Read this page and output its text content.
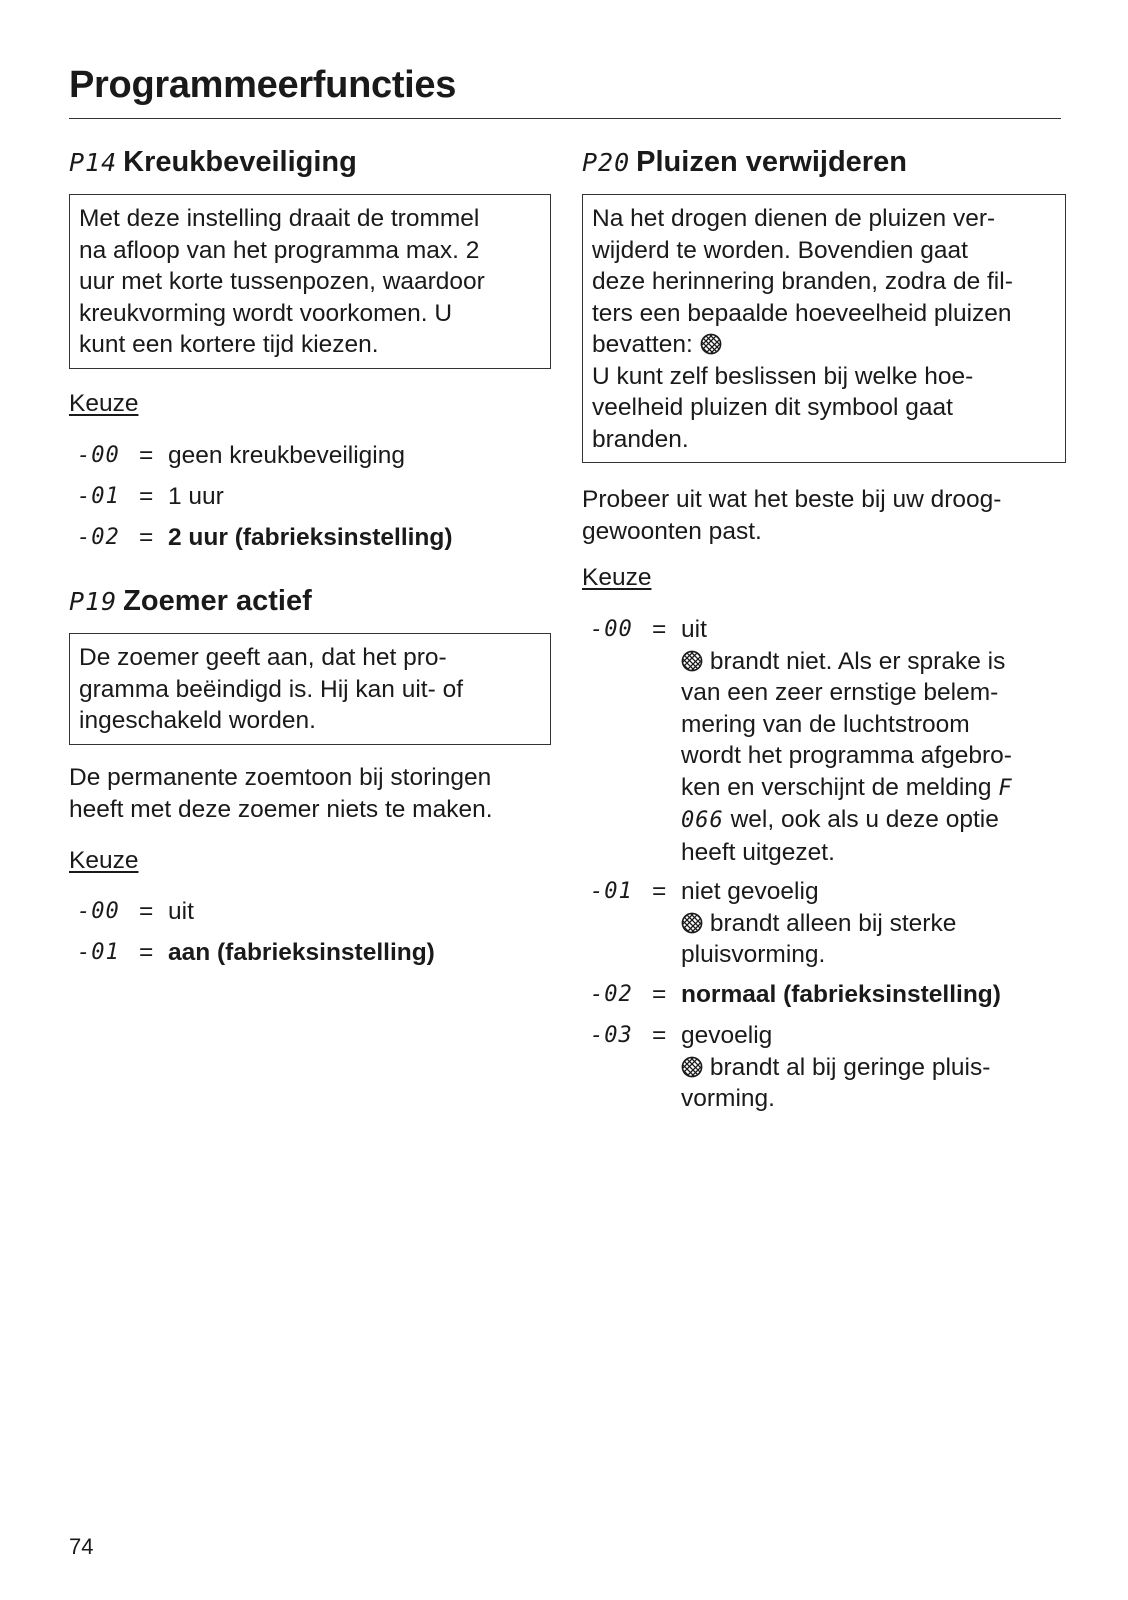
Programmeerfuncties
P14 Kreukbeveiliging
Met deze instelling draait de trommel
na afloop van het programma max. 2
uur met korte tussenpozen, waardoor
kreukvorming wordt voorkomen. U
kunt een kortere tijd kiezen.
Keuze
-00 = geen kreukbeveiliging
-01 = 1 uur
-02 = 2 uur (fabrieksinstelling)
P19 Zoemer actief
De zoemer geeft aan, dat het pro-
gramma beëindigd is. Hij kan uit- of
ingeschakeld worden.
De permanente zoemtoon bij storingen
heeft met deze zoemer niets te maken.
Keuze
-00 = uit
-01 = aan (fabrieksinstelling)
P20 Pluizen verwijderen
Na het drogen dienen de pluizen ver-
wijderd te worden. Bovendien gaat
deze herinnering branden, zodra de fil-
ters een bepaalde hoeveelheid pluizen
bevatten:
U kunt zelf beslissen bij welke hoe-
veelheid pluizen dit symbool gaat
branden.
Probeer uit wat het beste bij uw droog-
gewoonten past.
Keuze
-00 = uit
brandt niet. Als er sprake is
van een zeer ernstige belem-
mering van de luchtstroom
wordt het programma afgebro-
ken en verschijnt de melding F
066 wel, ook als u deze optie
heeft uitgezet.
-01 = niet gevoelig
brandt alleen bij sterke
pluisvorming.
-02 = normaal (fabrieksinstelling)
-03 = gevoelig
brandt al bij geringe pluis-
vorming.
74
